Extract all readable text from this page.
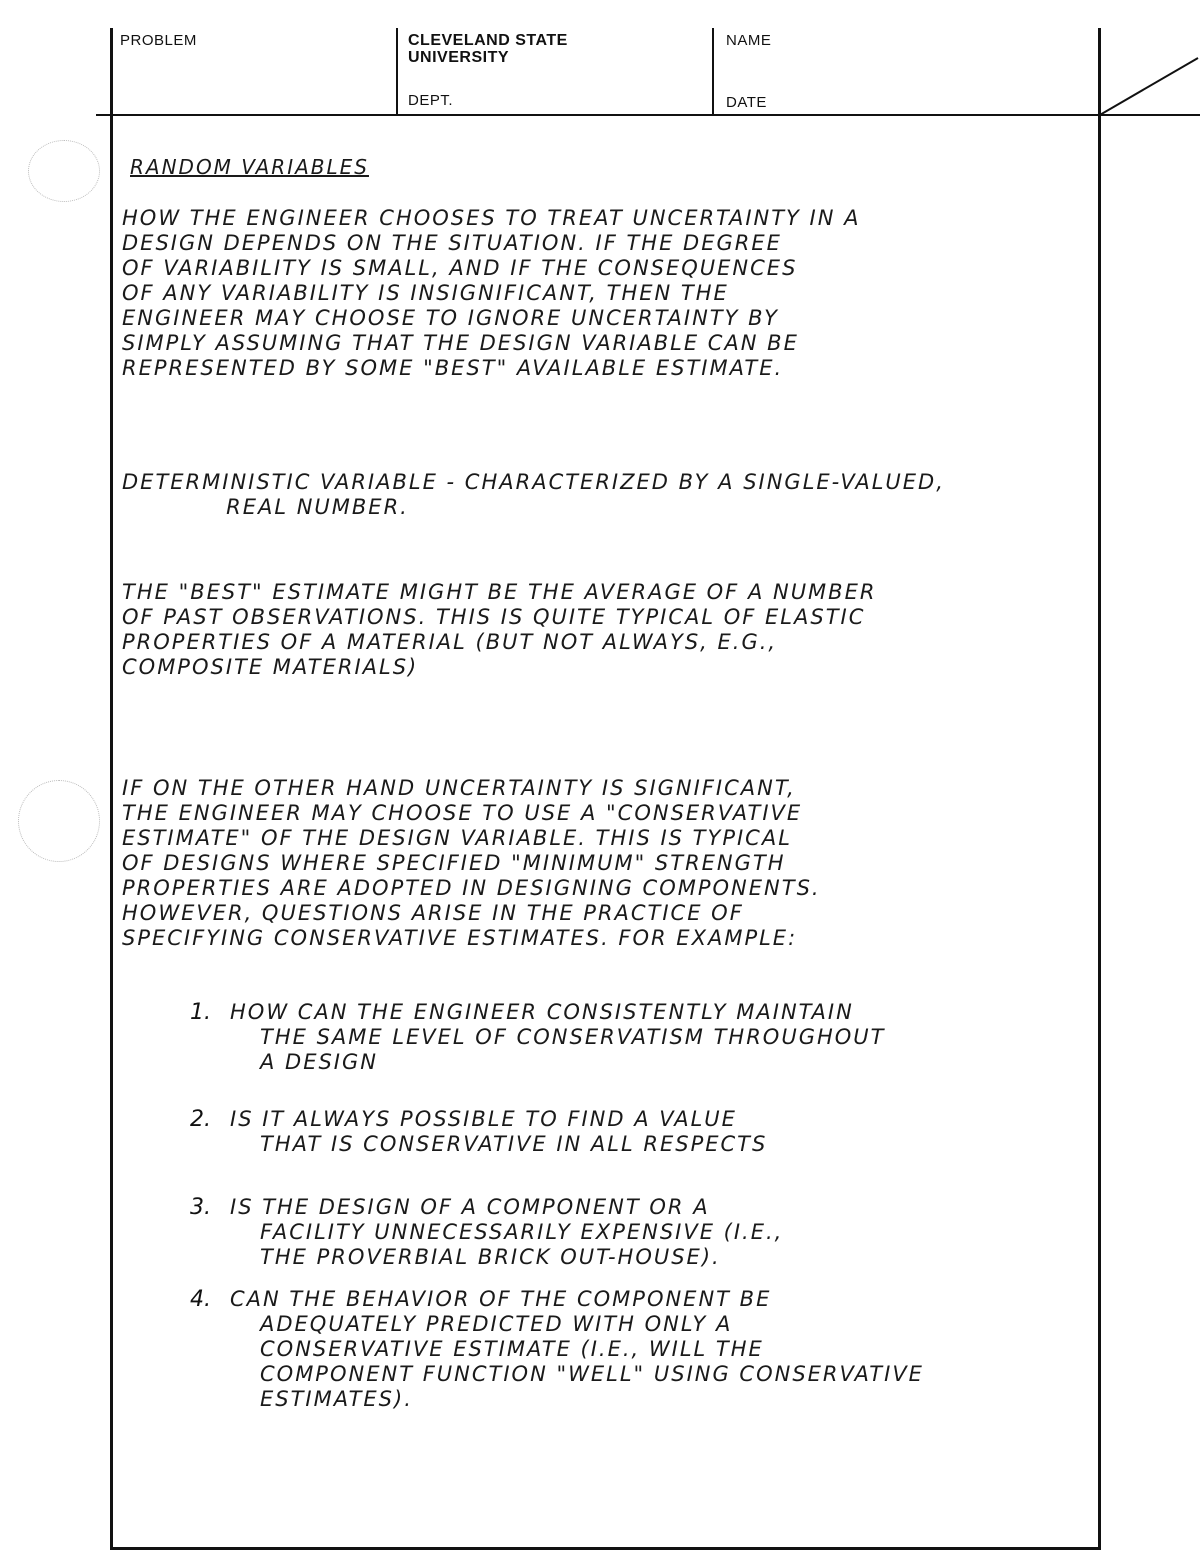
PROBLEM	CLEVELAND STATE
UNIVERSITY
DEPT.
NAME
DATE
RANDOM VARIABLES
HOW THE ENGINEER CHOOSES TO TREAT UNCERTAINTY IN A
DESIGN DEPENDS ON THE SITUATION. IF THE DEGREE
OF VARIABILITY IS SMALL, AND IF THE CONSEQUENCES
OF ANY VARIABILITY IS INSIGNIFICANT, THEN THE
ENGINEER MAY CHOOSE TO IGNORE UNCERTAINTY BY
SIMPLY ASSUMING THAT THE DESIGN VARIABLE CAN BE
REPRESENTED BY SOME "BEST" AVAILABLE ESTIMATE.
DETERMINISTIC VARIABLE - CHARACTERIZED BY A SINGLE-VALUED,
REAL NUMBER.
THE "BEST" ESTIMATE MIGHT BE THE AVERAGE OF A NUMBER
OF PAST OBSERVATIONS. THIS IS QUITE TYPICAL OF ELASTIC
PROPERTIES OF A MATERIAL (BUT NOT ALWAYS, E.G.,
COMPOSITE MATERIALS)
IF ON THE OTHER HAND UNCERTAINTY IS SIGNIFICANT,
THE ENGINEER MAY CHOOSE TO USE A "CONSERVATIVE
ESTIMATE" OF THE DESIGN VARIABLE. THIS IS TYPICAL
OF DESIGNS WHERE SPECIFIED "MINIMUM" STRENGTH
PROPERTIES ARE ADOPTED IN DESIGNING COMPONENTS.
HOWEVER, QUESTIONS ARISE IN THE PRACTICE OF
SPECIFYING CONSERVATIVE ESTIMATES. FOR EXAMPLE:
1. HOW CAN THE ENGINEER CONSISTENTLY MAINTAIN
THE SAME LEVEL OF CONSERVATISM THROUGHOUT
A DESIGN
2. IS IT ALWAYS POSSIBLE TO FIND A VALUE
THAT IS CONSERVATIVE IN ALL RESPECTS
3. IS THE DESIGN OF A COMPONENT OR A
FACILITY UNNECESSARILY EXPENSIVE (I.E.,
THE PROVERBIAL BRICK OUT-HOUSE).
4. CAN THE BEHAVIOR OF THE COMPONENT BE
ADEQUATELY PREDICTED WITH ONLY A
CONSERVATIVE ESTIMATE (I.E., WILL THE
COMPONENT FUNCTION "WELL" USING CONSERVATIVE
ESTIMATES).
